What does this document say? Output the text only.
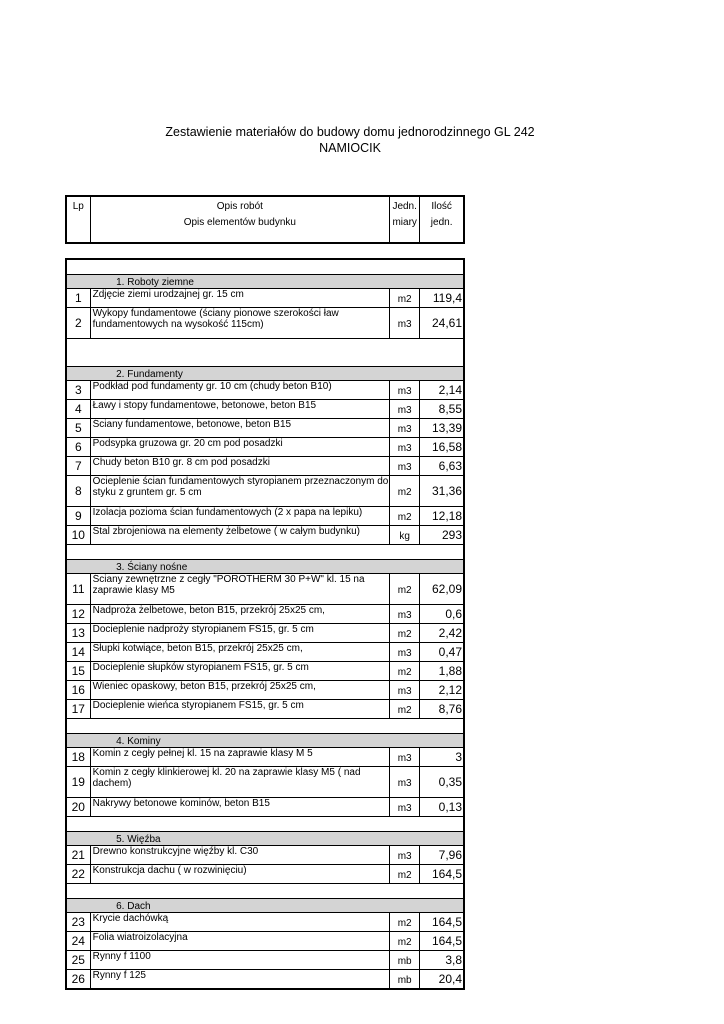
Zestawienie materiałów do budowy domu jednorodzinnego GL 242
NAMIOCIK
Lp	Opis robót	Jedn.	Ilość
	Opis elementów budynku	miary	jedn.

	1. Roboty ziemne		
1	Zdjęcie ziemi urodzajnej gr. 15 cm	m2	119,4
2	Wykopy fundamentowe (ściany pionowe szerokości ław fundamentowych na wysokość 115cm)	m3	24,61

	2. Fundamenty		
3	Podkład pod fundamenty gr. 10 cm (chudy beton B10)	m3	2,14
4	Ławy i stopy fundamentowe, betonowe, beton B15	m3	8,55
5	Ściany fundamentowe, betonowe, beton B15	m3	13,39
6	Podsypka gruzowa gr. 20 cm pod posadzki	m3	16,58
7	Chudy beton B10 gr. 8 cm pod posadzki	m3	6,63
8	Ocieplenie ścian fundamentowych styropianem przeznaczonym do styku z gruntem gr. 5 cm	m2	31,36
9	Izolacja pozioma ścian fundamentowych (2 x papa na lepiku)	m2	12,18
10	Stal zbrojeniowa na elementy żelbetowe ( w całym budynku)	kg	293

	3. Ściany nośne		
11	Ściany zewnętrzne z cegły "POROTHERM 30 P+W" kl. 15 na zaprawie klasy M5	m2	62,09
12	Nadproża żelbetowe, beton B15, przekrój 25x25 cm,	m3	0,6
13	Docieplenie nadproży styropianem FS15, gr. 5 cm	m2	2,42
14	Słupki kotwiące, beton B15, przekrój 25x25 cm,	m3	0,47
15	Docieplenie słupków styropianem FS15, gr. 5 cm	m2	1,88
16	Wieniec opaskowy, beton B15, przekrój 25x25 cm,	m3	2,12
17	Docieplenie wieńca styropianem FS15, gr. 5 cm	m2	8,76

	4. Kominy		
18	Komin z cegły pełnej kl. 15 na zaprawie klasy M 5	m3	3
19	Komin z cegły klinkierowej kl. 20 na zaprawie klasy M5 ( nad dachem)	m3	0,35
20	Nakrywy betonowe kominów, beton B15	m3	0,13

	5. Więźba		
21	Drewno konstrukcyjne więźby kl. C30	m3	7,96
22	Konstrukcja dachu ( w rozwinięciu)	m2	164,5

	6. Dach		
23	Krycie dachówką	m2	164,5
24	Folia wiatroizolacyjna	m2	164,5
25	Rynny f 1100	mb	3,8
26	Rynny f 125	mb	20,4
